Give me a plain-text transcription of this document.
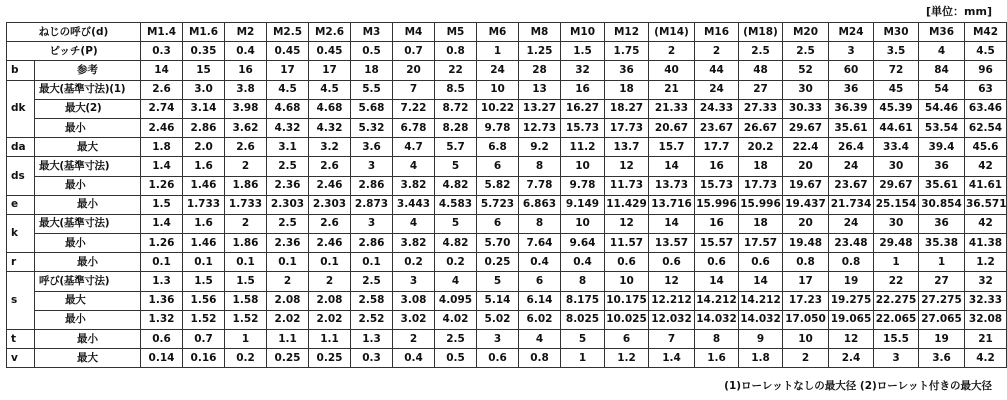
[単位：mm]
ねじの呼び(d)		M1.4	M1.6	M2	M2.5	M2.6	M3	M4	M5	M6	M8	M10	M12	(M14)	M16	(M18)	M20	M24	M30	M36	M42
ピッチ(P)		0.3	0.35	0.4	0.45	0.45	0.5	0.7	0.8	1	1.25	1.5	1.75	2	2	2.5	2.5	3	3.5	4	4.5
b	参考	14	15	16	17	17	18	20	22	24	28	32	36	40	44	48	52	60	72	84	96
dk	最大(基準寸法)(1)	2.6	3.0	3.8	4.5	4.5	5.5	7	8.5	10	13	16	18	21	24	27	30	36	45	54	63
	最大(2)	2.74	3.14	3.98	4.68	4.68	5.68	7.22	8.72	10.22	13.27	16.27	18.27	21.33	24.33	27.33	30.33	36.39	45.39	54.46	63.46
	最小	2.46	2.86	3.62	4.32	4.32	5.32	6.78	8.28	9.78	12.73	15.73	17.73	20.67	23.67	26.67	29.67	35.61	44.61	53.54	62.54
da	最大	1.8	2.0	2.6	3.1	3.2	3.6	4.7	5.7	6.8	9.2	11.2	13.7	15.7	17.7	20.2	22.4	26.4	33.4	39.4	45.6
ds	最大(基準寸法)	1.4	1.6	2	2.5	2.6	3	4	5	6	8	10	12	14	16	18	20	24	30	36	42
	最小	1.26	1.46	1.86	2.36	2.46	2.86	3.82	4.82	5.82	7.78	9.78	11.73	13.73	15.73	17.73	19.67	23.67	29.67	35.61	41.61
e	最小	1.5	1.733	1.733	2.303	2.303	2.873	3.443	4.583	5.723	6.863	9.149	11.429	13.716	15.996	15.996	19.437	21.734	25.154	30.854	36.571
k	最大(基準寸法)	1.4	1.6	2	2.5	2.6	3	4	5	6	8	10	12	14	16	18	20	24	30	36	42
	最小	1.26	1.46	1.86	2.36	2.46	2.86	3.82	4.82	5.70	7.64	9.64	11.57	13.57	15.57	17.57	19.48	23.48	29.48	35.38	41.38
r	最小	0.1	0.1	0.1	0.1	0.1	0.1	0.2	0.2	0.25	0.4	0.4	0.6	0.6	0.6	0.6	0.8	0.8	1	1	1.2
s	呼び(基準寸法)	1.3	1.5	1.5	2	2	2.5	3	4	5	6	8	10	12	14	14	17	19	22	27	32
	最大	1.36	1.56	1.58	2.08	2.08	2.58	3.08	4.095	5.14	6.14	8.175	10.175	12.212	14.212	14.212	17.23	19.275	22.275	27.275	32.33
	最小	1.32	1.52	1.52	2.02	2.02	2.52	3.02	4.02	5.02	6.02	8.025	10.025	12.032	14.032	14.032	17.050	19.065	22.065	27.065	32.08
t	最小	0.6	0.7	1	1.1	1.1	1.3	2	2.5	3	4	5	6	7	8	9	10	12	15.5	19	21
v	最大	0.14	0.16	0.2	0.25	0.25	0.3	0.4	0.5	0.6	0.8	1	1.2	1.4	1.6	1.8	2	2.4	3	3.6	4.2
(1)ローレットなしの最大径 (2)ローレット付きの最大径
